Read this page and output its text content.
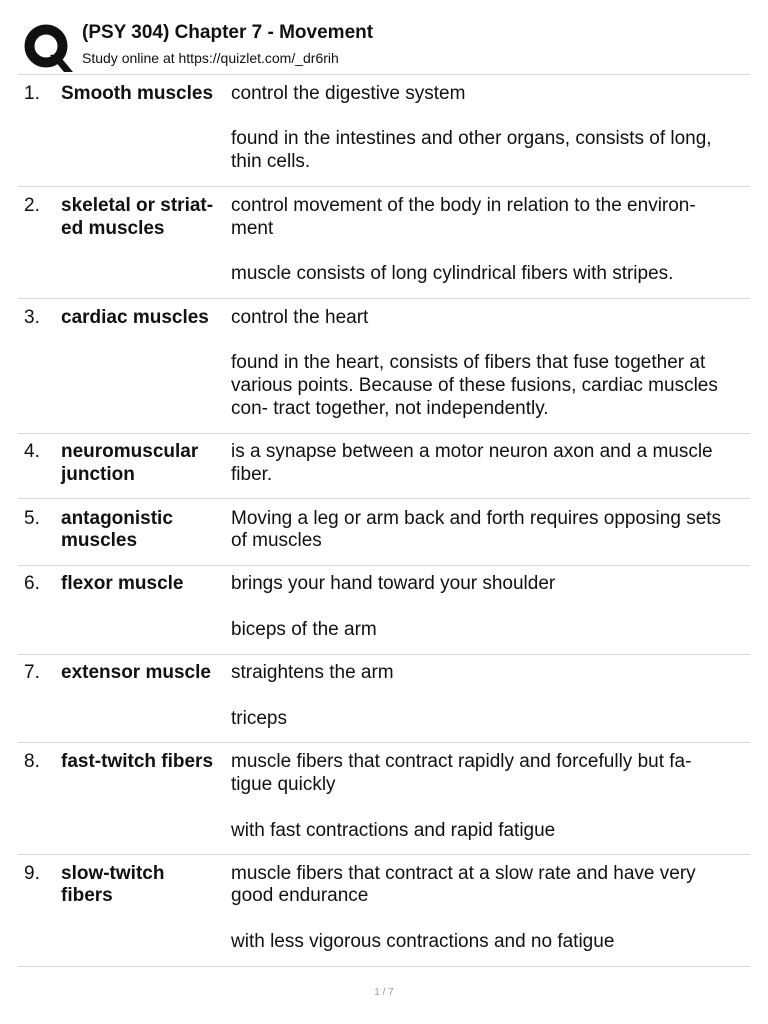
(PSY 304) Chapter 7 - Movement
Study online at https://quizlet.com/_dr6rih
1. Smooth muscles control the digestive system
found in the intestines and other organs, consists of long,
thin cells.
2. skeletal or striat-
ed muscles
control movement of the body in relation to the environ-
ment
muscle consists of long cylindrical fibers with stripes.
3. cardiac muscles control the heart
found in the heart, consists of fibers that fuse together at
various points. Because of these fusions, cardiac muscles
con- tract together, not independently.
4. neuromuscular
junction
is a synapse between a motor neuron axon and a muscle
fiber.
5. antagonistic
muscles
Moving a leg or arm back and forth requires opposing sets
of muscles
6. flexor muscle	brings your hand toward your shoulder
biceps of the arm
7. extensor muscle straightens the arm
triceps
8. fast-twitch fibers muscle fibers that contract rapidly and forcefully but fa-
tigue quickly
with fast contractions and rapid fatigue
9. slow-twitch
fibers
muscle fibers that contract at a slow rate and have very
good endurance
with less vigorous contractions and no fatigue
1 / 7
